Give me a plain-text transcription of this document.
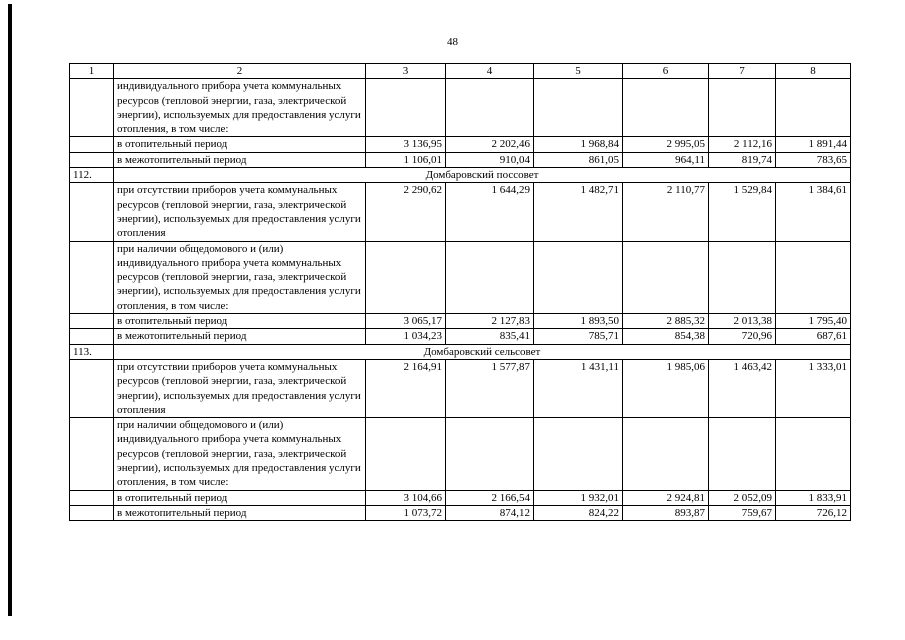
48
1	2	3	4	5	6	7	8
	индивидуального прибора учета коммунальных ресурсов (тепловой энергии, газа, электрической энергии), используемых для предоставления услуги отопления, в том числе:						
	в отопительный период	3 136,95	2 202,46	1 968,84	2 995,05	2 112,16	1 891,44
	в межотопительный период	1 106,01	910,04	861,05	964,11	819,74	783,65
112.	Домбаровский поссовет						
	при отсутствии приборов учета коммунальных ресурсов (тепловой энергии, газа, электрической энергии), используемых для предоставления услуги отопления	2 290,62	1 644,29	1 482,71	2 110,77	1 529,84	1 384,61
	при наличии общедомового и (или) индивидуального прибора учета коммунальных ресурсов (тепловой энергии, газа, электрической энергии), используемых для предоставления услуги отопления, в том числе:						
	в отопительный период	3 065,17	2 127,83	1 893,50	2 885,32	2 013,38	1 795,40
	в межотопительный период	1 034,23	835,41	785,71	854,38	720,96	687,61
113.	Домбаровский сельсовет						
	при отсутствии приборов учета коммунальных ресурсов (тепловой энергии, газа, электрической энергии), используемых для предоставления услуги отопления	2 164,91	1 577,87	1 431,11	1 985,06	1 463,42	1 333,01
	при наличии общедомового и (или) индивидуального прибора учета коммунальных ресурсов (тепловой энергии, газа, электрической энергии), используемых для предоставления услуги отопления, в том числе:						
	в отопительный период	3 104,66	2 166,54	1 932,01	2 924,81	2 052,09	1 833,91
	в межотопительный период	1 073,72	874,12	824,22	893,87	759,67	726,12
